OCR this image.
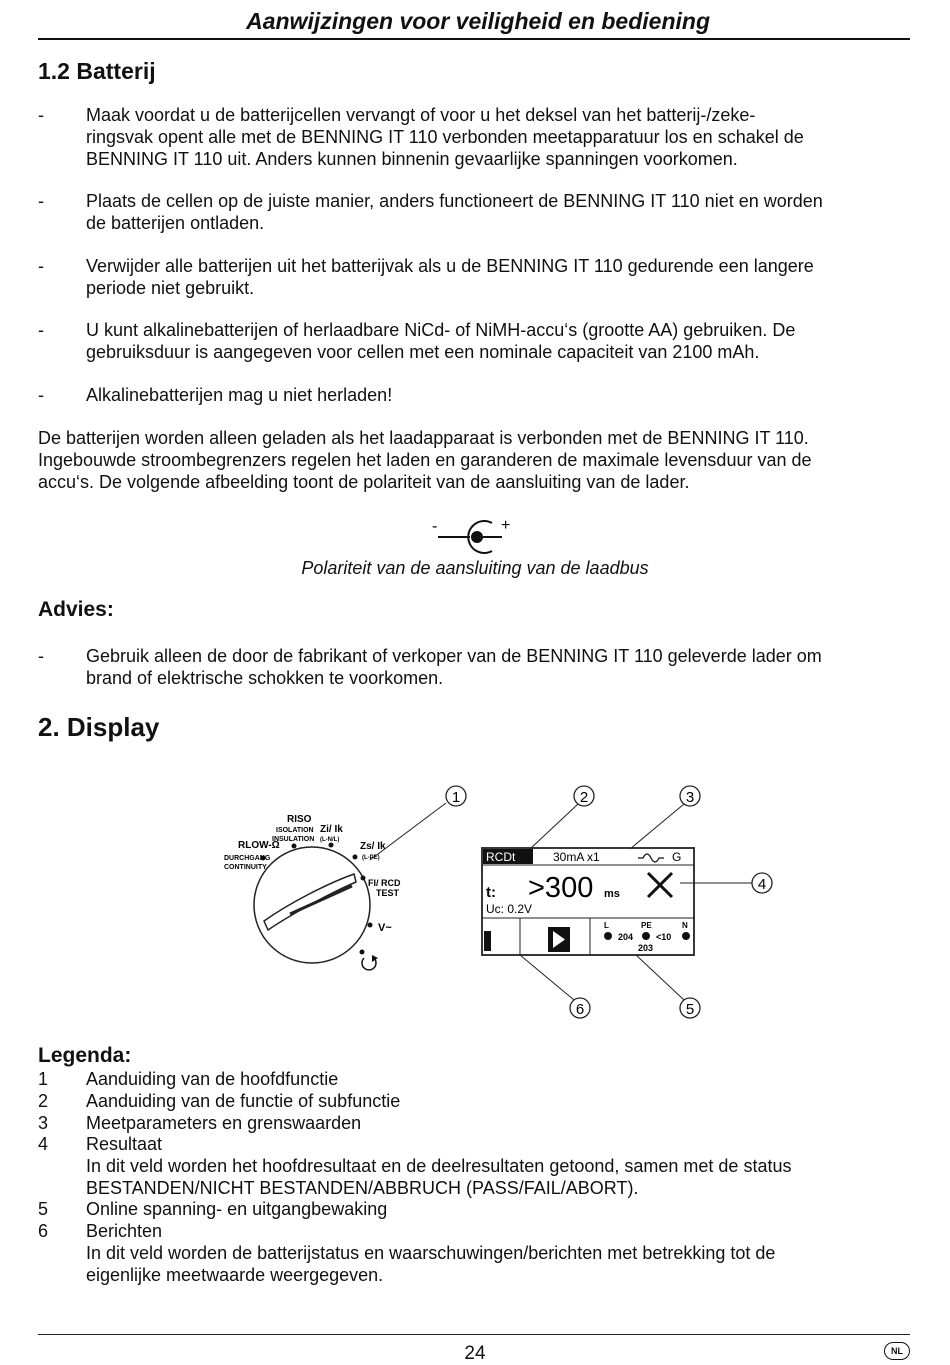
Aanwijzingen voor veiligheid en bediening
1.2 Batterij
- Maak voordat u de batterijcellen vervangt of voor u het deksel van het batterij-/zeke-
ringsvak opent alle met de BENNING IT 110 verbonden meetapparatuur los en schakel de
BENNING IT 110 uit. Anders kunnen binnenin gevaarlijke spanningen voorkomen.
- Plaats de cellen op de juiste manier, anders functioneert de BENNING IT 110 niet en worden
de batterijen ontladen.
- Verwijder alle batterijen uit het batterijvak als u de BENNING IT 110 gedurende een langere
periode niet gebruikt.
- U kunt alkalinebatterijen of herlaadbare NiCd- of NiMH-accu‘s (grootte AA) gebruiken. De
gebruiksduur is aangegeven voor cellen met een nominale capaciteit van 2100 mAh.
- Alkalinebatterijen mag u niet herladen!
De batterijen worden alleen geladen als het laadapparaat is verbonden met de BENNING IT 110.
Ingebouwde stroombegrenzers regelen het laden en garanderen de maximale levensduur van de
accu‘s. De volgende afbeelding toont de polariteit van de aansluiting van de lader.
-	+
Polariteit van de aansluiting van de laadbus
Advies:
- Gebruik alleen de door de fabrikant of verkoper van de BENNING IT 110 geleverde lader om
brand of elektrische schokken te voorkomen.
2. Display
RLOW-Ω
DURCHGANG
CONTINUITY
RISO
ISOLATION
INSULATION
Zi/ Ik
(L-N/L)
Zs/ Ik
(L-PE)
FI/ RCD
TEST
V~
1
RCDt	30mA x1	G
t: >300 ms
Uc: 0.2V
L	PE	N
204	<10
203
2	3
4
5
6
Legenda:
1 Aanduiding van de hoofdfunctie
2 Aanduiding van de functie of subfunctie
3 Meetparameters en grenswaarden
4 Resultaat
In dit veld worden het hoofdresultaat en de deelresultaten getoond, samen met de status
BESTANDEN/NICHT BESTANDEN/ABBRUCH (PASS/FAIL/ABORT).
5 Online spanning- en uitgangbewaking
6 Berichten
In dit veld worden de batterijstatus en waarschuwingen/berichten met betrekking tot de
eigenlijke meetwaarde weergegeven.
24	NL
